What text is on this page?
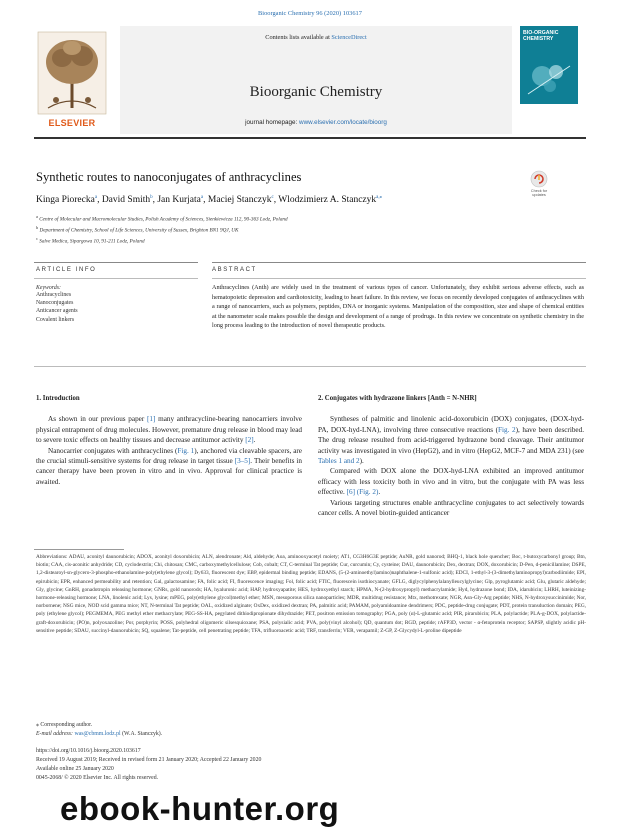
Bioorganic Chemistry 96 (2020) 103617
ELSEVIER
Contents lists available at ScienceDirect
Bioorganic Chemistry
journal homepage: www.elsevier.com/locate/bioorg
BIO-ORGANIC CHEMISTRY
Synthetic routes to nanoconjugates of anthracyclines
Check for updates
Kinga Piorecka$^a$, David Smith$^b$, Jan Kurjata$^a$, Maciej Stanczyk$^c$, Wlodzimierz A. Stanczyk$^{a,⁎}$
$^a$ Centre of Molecular and Macromolecular Studies, Polish Academy of Sciences, Sienkiewicza 112, 90-363 Lodz, Poland
$^b$ Department of Chemistry, School of Life Sciences, University of Sussex, Brighton BN1 9QJ, UK
$^c$ Salve Medica, Sipargowa 10, 91-211 Lodz, Poland
ARTICLE INFO	ABSTRACT
Keywords:
Anthracyclines
Nanoconjugates
Anticancer agents
Covalent linkers
Anthracyclines (Anth) are widely used in the treatment of various types of cancer. Unfortunately, they exhibit serious adverse effects, such as hematopoietic depression and cardiotoxicity, leading to heart failure. In this review, we focus on recently developed conjugates of anthracyclines with a range of nanocarriers, such as polymers, peptides, DNA or inorganic systems. Manipulation of the composition, size and shape of chemical entities at the nanometer scale makes possible the design and development of a range of prodrugs. In this review we concentrate on synthetic chemistry in the long process leading to the introduction of novel therapeutic products.
1. Introduction

As shown in our previous paper [1] many anthracycline-bearing nanocarriers involve physical entrapment of drug molecules. However, premature drug release in blood may lead to severe toxic effects on healthy tissues and decrease antitumor activity [2].

Nanocarrier conjugates with anthracyclines (Fig. 1), anchored via cleavable spacers, are the crucial stimuli-sensitive systems for drug release in target tissue [3–5]. Their benefits in cancer therapy have been proven in vitro and in vivo. Approval for clinical practice is awaited.

2. Conjugates with hydrazone linkers [Anth = N-NHR]

Syntheses of palmitic and linolenic acid-doxorubicin (DOX) conjugates, (DOX-hyd-PA, DOX-hyd-LNA), involving three consecutive reactions (Fig. 2), have been described. The drug release resulted from acid-triggered hydrazone bond cleavage. Their antitumor activity was investigated in vivo (HepG2), and in vitro (HepG2, MCF-7 and MDA 231) (see Tables 1 and 2).

Compared with DOX alone the DOX-hyd-LNA exhibited an improved antitumor efficacy with less toxicity both in vivo and in vitro, but the conjugate with PA was less effective. [6] (Fig. 2).

Various targeting structures enable anthracycline conjugates to act selectively towards cancer cells. A novel biotin-guided anticancer

Abbreviations: ADAU, aconityl daunorubicin; ADOX, aconityl doxorubicin; ALN, alendronate; Ald, aldehyde; Aoa, aminooxyacetyl moiety; AT1, CG3H6G3E peptide; AuNR, gold nanorod; BHQ-1, black hole quencher; Boc, t-butoxycarbonyl group; Btn, biotin; CAA, cis-aconitic anhydride; CD, cyclodextrin; Chi, chitosan; CMC, carboxymethylcellulose; Cob, cobalt; CT, C-terminal Tat peptide; Cur, curcumin; Cy, cysteine; DAU, daunorubicin; Dex, dextran; DOX, doxorubicin; D-Pen, d-penicillamine; DSPE, 1,2-distearoyl-sn-glycero-3-phospho-ethanolamine-poly(ethylene glycol); Dy633, fluorescent dye; EBP, epidermal binding peptide; EDANS, (5-(2-aminoethyl)amino)naphthalene-1-sulfonic acid); EDCI, 1-ethyl-3-(3-dimethylaminopropyl)carbodiimide; EPI, epirubicin; EPR, enhanced permeability and retention; Gal, galactosamine; FA, folic acid; FI, fluorescence imaging; Fol, folic acid; FTIC, fluorescein isothiocyanate; GFLG, diglycylphenylalanylleucylglycine; Glp, pyroglutamic acid; Glu, glutaric aldehyde; Gly, glycine; GnRH, gonadotropin releasing hormone; GNRs, gold nanorods; HA, hyaluronic acid; HAP, hydroxyapatite; HES, hydroxyethyl starch; HPMA, N-(2-hydroxypropyl) methacrylamide; Hyd, hydrazone bond; IDA, idarubicin; LHRH, luteinizing-hormone-releasing hormone; LNA, linolenic acid; Lys, lysine; mPEG, poly(ethylene glycol)methyl ether; MSN, mesoporous silica nanoparticles; MDR, multidrug resistance; Mtx, methotrexate; NGR, Asn-Gly-Arg peptide; NHS, N-hydroxysuccinimide; Nor, norbornene; NSG mice, NOD scid gamma mice; NT, N-terminal Tat peptide; OAL, oxidized alginate; OxDex, oxidized dextran; PA, palmitic acid; PAMAM, polyamidoamine dendrimers; PDC, peptide-drug conjugate; PDT, protein transduction domain; PEG, poly (ethylene glycol); PEGMEMA, PEG methyl ether methacrylate; PEG-SS-HA, pegylated dithiodipropionate dihydrazide; PET, positron emission tomography; PGA, poly (α)-L-glutamic acid; PIR, pirarubicin; PLA, polylactide; PLA-g-DOX, polylactide-graft-doxorubicin; (PO)n, polyoxazoline; Por, porphyrin; POSS, polyhedral oligomeric silsesquioxane; PSA, polysialic acid; PVA, poly(vinyl alcohol); QD, quantum dot; RGD, peptide; rAFP3D, vector - α-fetoprotein receptor; SAPSP, slightly acidic pH-sensitive peptide; SDAU, succinyl-daunorubicin; SQ, squalene; Tat-peptide, cell penetrating peptide; TFA, trifluoroacetic acid; TRF, transferrin; VER, verapamil; Z-GP, Z-Glycydyl-L-proline dipeptide
⁎ Corresponding author.
E-mail address: was@cbmm.lodz.pl (W.A. Stanczyk).
https://doi.org/10.1016/j.bioorg.2020.103617
Received 19 August 2019; Received in revised form 21 January 2020; Accepted 22 January 2020
Available online 25 January 2020
0045-2068/ © 2020 Elsevier Inc. All rights reserved.
ebook-hunter.org
